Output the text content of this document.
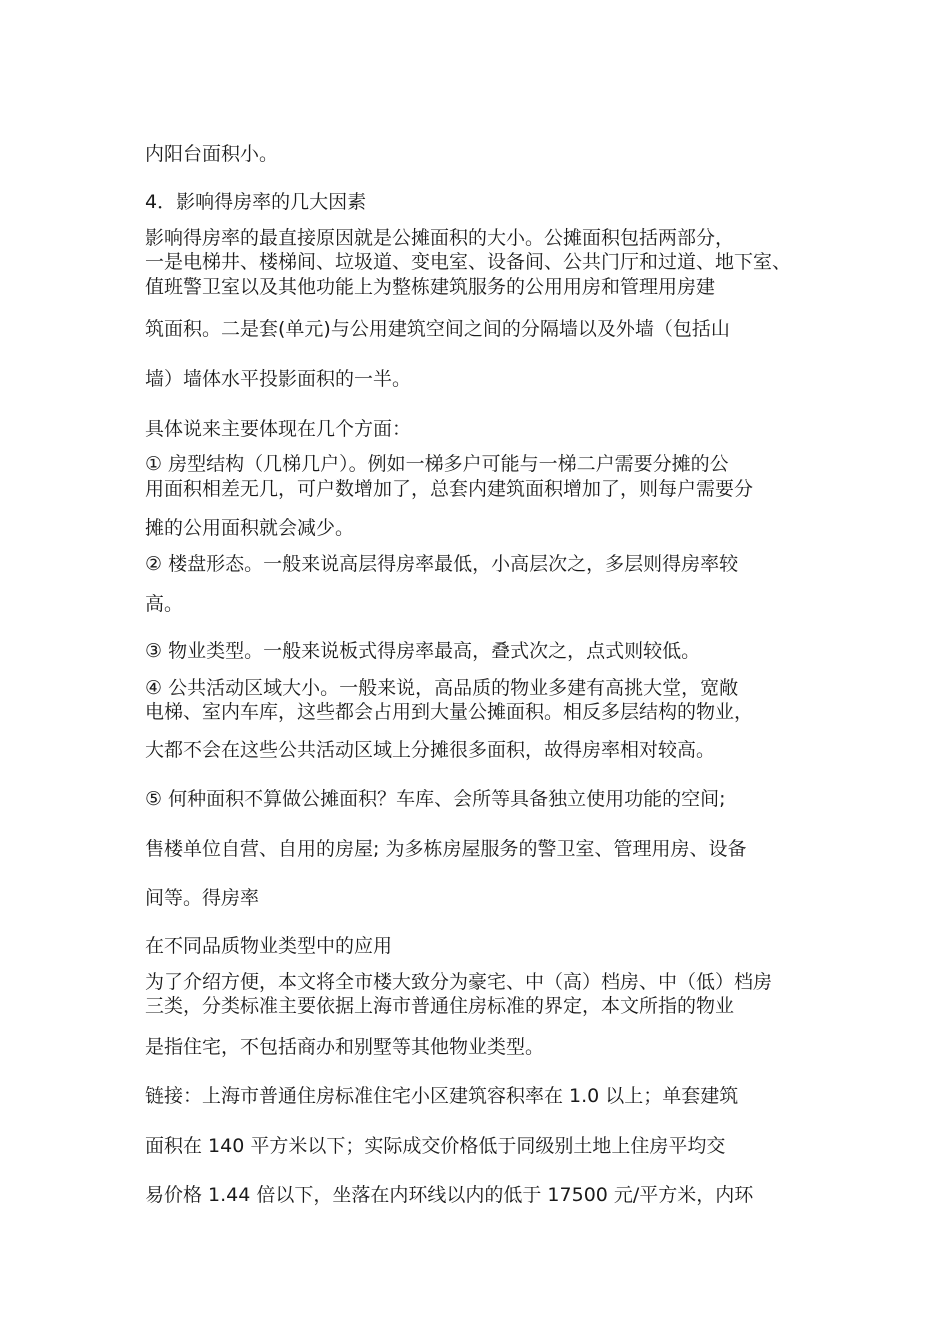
内阳台面积小。
4．影响得房率的几大因素
影响得房率的最直接原因就是公摊面积的大小。公摊面积包括两部分，
一是电梯井、楼梯间、垃圾道、变电室、设备间、公共门厅和过道、地下室、
值班警卫室以及其他功能上为整栋建筑服务的公用用房和管理用房建
筑面积。二是套(单元)与公用建筑空间之间的分隔墙以及外墙（包括山
墙）墙体水平投影面积的一半。
具体说来主要体现在几个方面：
① 房型结构（几梯几户）。例如一梯多户可能与一梯二户需要分摊的公
用面积相差无几，可户数增加了，总套内建筑面积增加了，则每户需要分
摊的公用面积就会减少。
② 楼盘形态。一般来说高层得房率最低，小高层次之，多层则得房率较
高。
③ 物业类型。一般来说板式得房率最高，叠式次之，点式则较低。
④ 公共活动区域大小。一般来说，高品质的物业多建有高挑大堂，宽敞
电梯、室内车库，这些都会占用到大量公摊面积。相反多层结构的物业，
大都不会在这些公共活动区域上分摊很多面积，故得房率相对较高。
⑤ 何种面积不算做公摊面积？车库、会所等具备独立使用功能的空间;
售楼单位自营、自用的房屋; 为多栋房屋服务的警卫室、管理用房、设备
间等。得房率
在不同品质物业类型中的应用
为了介绍方便，本文将全市楼大致分为豪宅、中（高）档房、中（低）档房
三类，分类标准主要依据上海市普通住房标准的界定，本文所指的物业
是指住宅，不包括商办和别墅等其他物业类型。
链接：上海市普通住房标准住宅小区建筑容积率在 1.0 以上；单套建筑
面积在 140 平方米以下；实际成交价格低于同级别土地上住房平均交
易价格 1.44 倍以下，坐落在内环线以内的低于 17500 元/平方米，内环
